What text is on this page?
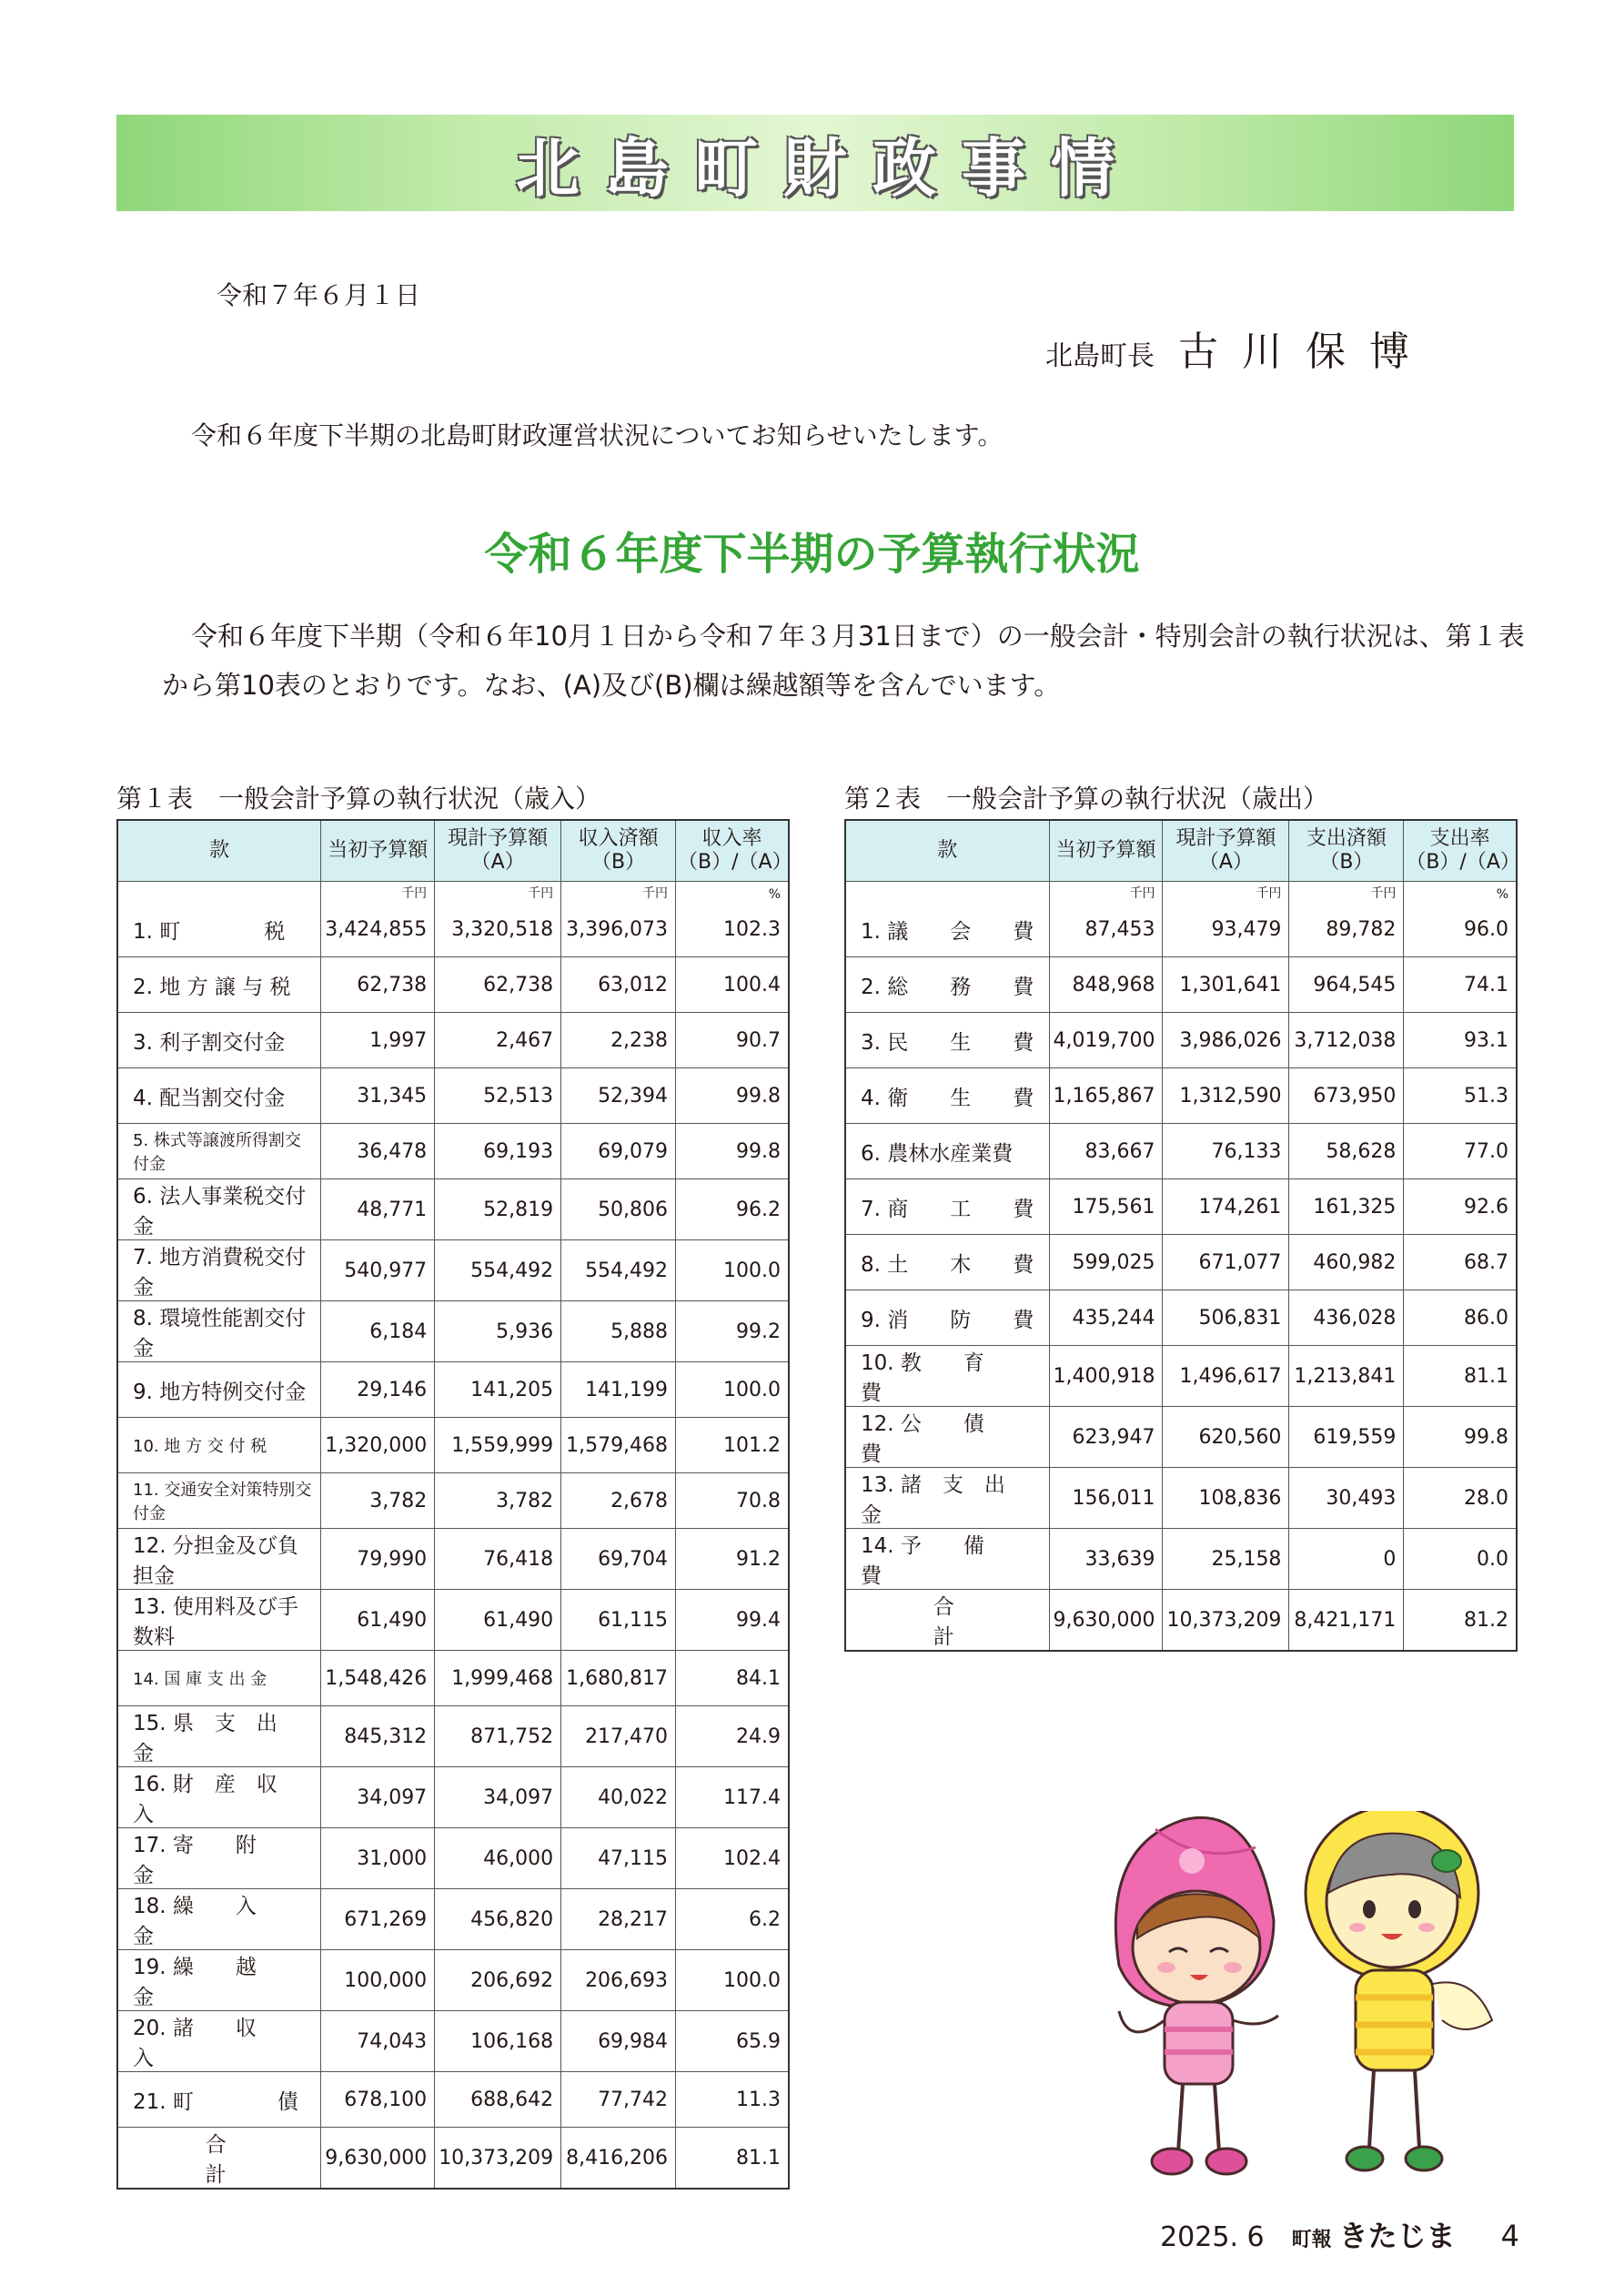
北島町財政事情
令和７年６月１日
北島町長 古川保博
令和６年度下半期の北島町財政運営状況についてお知らせいたします。
令和６年度下半期の予算執行状況
令和６年度下半期（令和６年10月１日から令和７年３月31日まで）の一般会計・特別会計の執行状況は、第１表から第10表のとおりです。なお、(A)及び(B)欄は繰越額等を含んでいます。
第１表　一般会計予算の執行状況（歳入）	第２表　一般会計予算の執行状況（歳出）
款	当初予算額	現計予算額（A）	収入済額（B）	収入率（B）/（A）
	千円	千円	千円	%
1. 町　　　　税	3,424,855	3,320,518	3,396,073	102.3
2. 地 方 譲 与 税	62,738	62,738	63,012	100.4
3. 利子割交付金	1,997	2,467	2,238	90.7
4. 配当割交付金	31,345	52,513	52,394	99.8
5. 株式等譲渡所得割交付金	36,478	69,193	69,079	99.8
6. 法人事業税交付金	48,771	52,819	50,806	96.2
7. 地方消費税交付金	540,977	554,492	554,492	100.0
8. 環境性能割交付金	6,184	5,936	5,888	99.2
9. 地方特例交付金	29,146	141,205	141,199	100.0
10. 地 方 交 付 税	1,320,000	1,559,999	1,579,468	101.2
11. 交通安全対策特別交付金	3,782	3,782	2,678	70.8
12. 分担金及び負担金	79,990	76,418	69,704	91.2
13. 使用料及び手数料	61,490	61,490	61,115	99.4
14. 国 庫 支 出 金	1,548,426	1,999,468	1,680,817	84.1
15. 県　支　出　金	845,312	871,752	217,470	24.9
16. 財　産　収　入	34,097	34,097	40,022	117.4
17. 寄　　附　　金	31,000	46,000	47,115	102.4
18. 繰　　入　　金	671,269	456,820	28,217	6.2
19. 繰　　越　　金	100,000	206,692	206,693	100.0
20. 諸　　収　　入	74,043	106,168	69,984	65.9
21. 町　　　　債	678,100	688,642	77,742	11.3
合計	9,630,000	10,373,209	8,416,206	81.1
款	当初予算額	現計予算額（A）	支出済額（B）	支出率（B）/（A）
	千円	千円	千円	%
1. 議　　会　　費	87,453	93,479	89,782	96.0
2. 総　　務　　費	848,968	1,301,641	964,545	74.1
3. 民　　生　　費	4,019,700	3,986,026	3,712,038	93.1
4. 衛　　生　　費	1,165,867	1,312,590	673,950	51.3
6. 農林水産業費	83,667	76,133	58,628	77.0
7. 商　　工　　費	175,561	174,261	161,325	92.6
8. 土　　木　　費	599,025	671,077	460,982	68.7
9. 消　　防　　費	435,244	506,831	436,028	86.0
10. 教　　育　　費	1,400,918	1,496,617	1,213,841	81.1
12. 公　　債　　費	623,947	620,560	619,559	99.8
13. 諸　支　出　金	156,011	108,836	30,493	28.0
14. 予　　備　　費	33,639	25,158	0	0.0
合計	9,630,000	10,373,209	8,421,171	81.2
2025. 6 町報 きたじま 4
